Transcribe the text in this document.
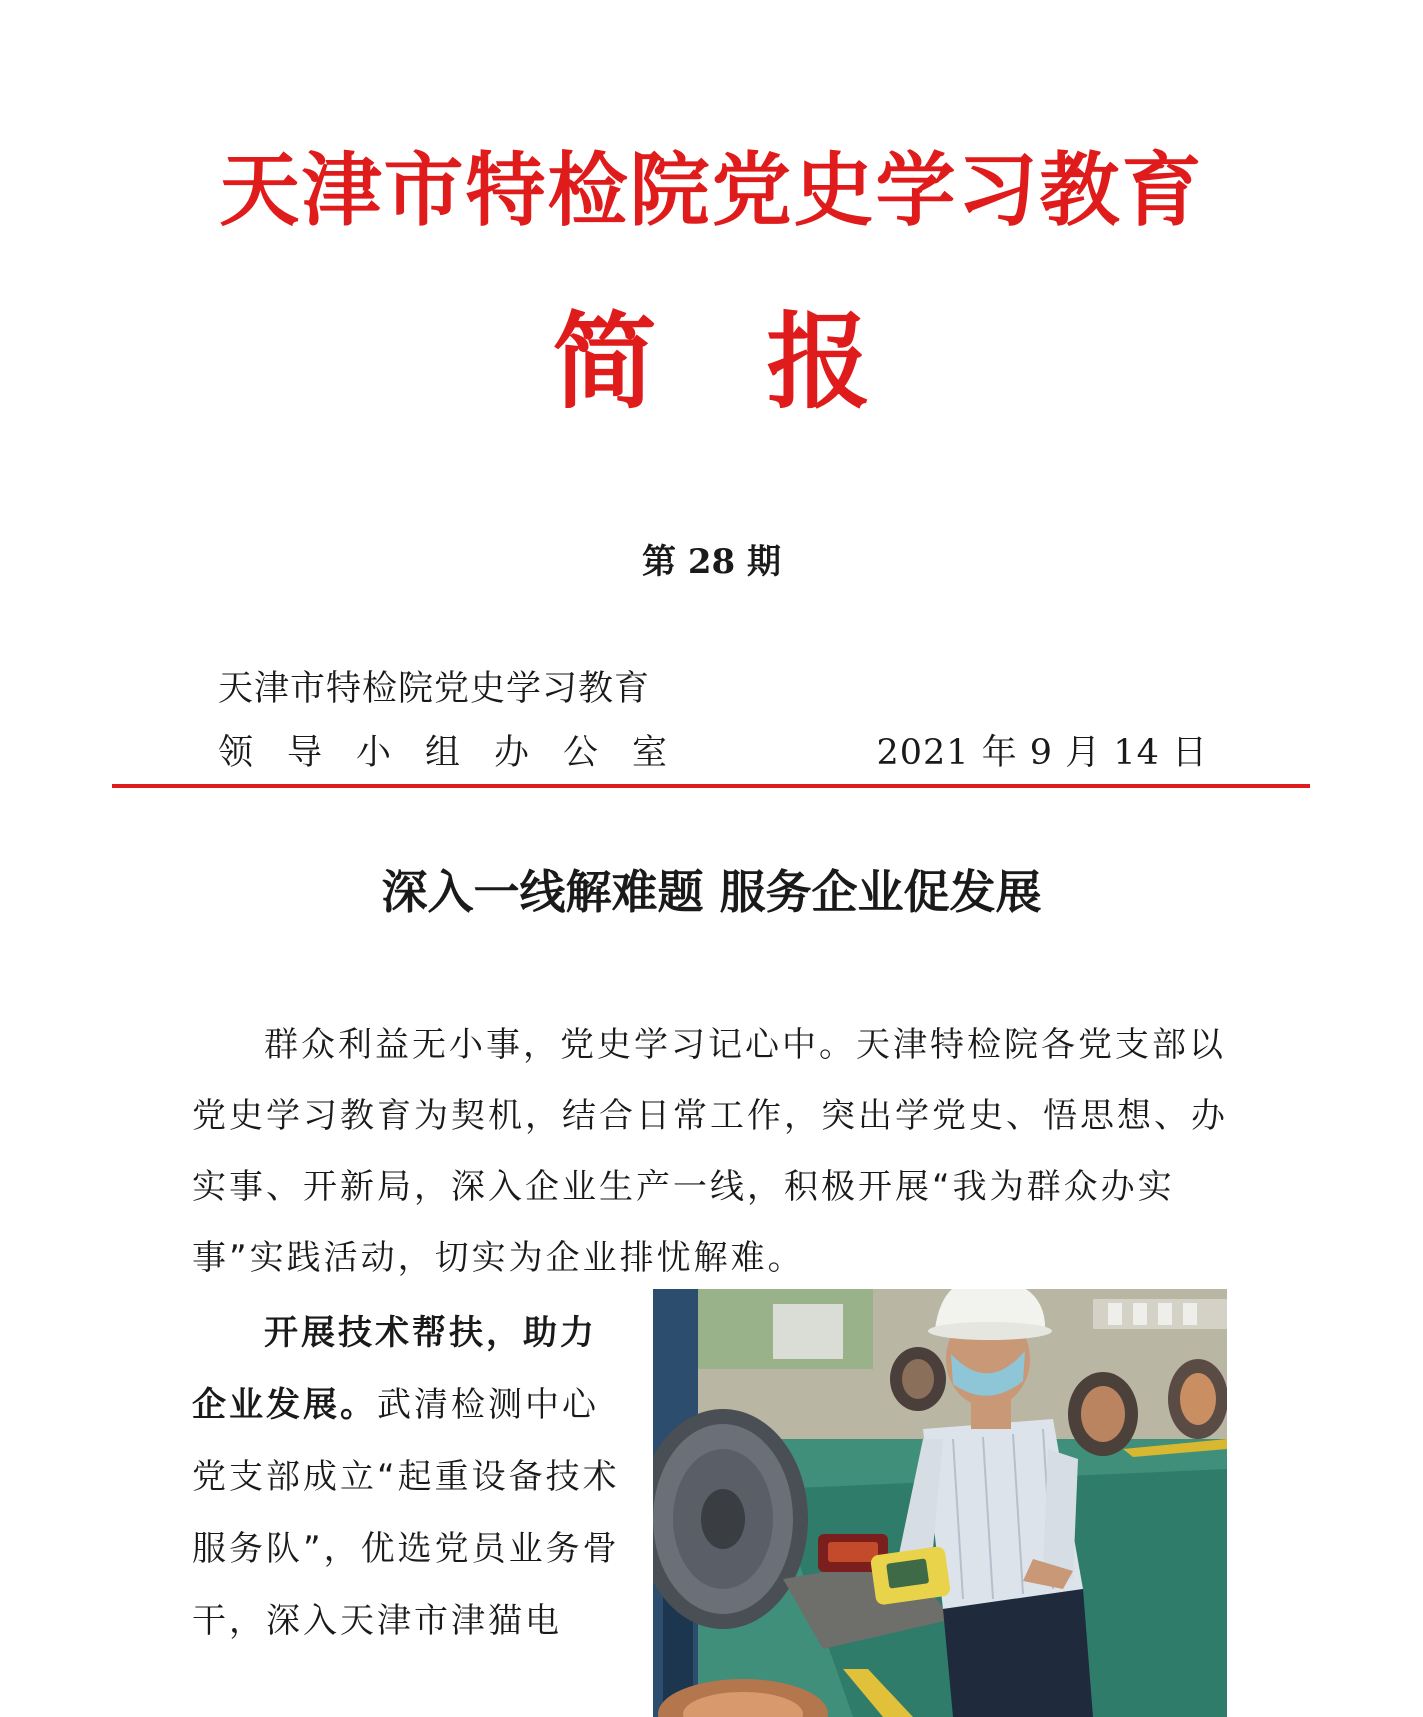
天津市特检院党史学习教育
简报
第 28 期
天津市特检院党史学习教育
领导小组办公室	2021 年 9 月 14 日
深入一线解难题 服务企业促发展

群众利益无小事，党史学习记心中。天津特检院各党支部以党史学习教育为契机，结合日常工作，突出学党史、悟思想、办实事、开新局，深入企业生产一线，积极开展“我为群众办实事”实践活动，切实为企业排忧解难。

开展技术帮扶，助力企业发展。武清检测中心党支部成立“起重设备技术服务队”，优选党员业务骨干，深入天津市津猫电
